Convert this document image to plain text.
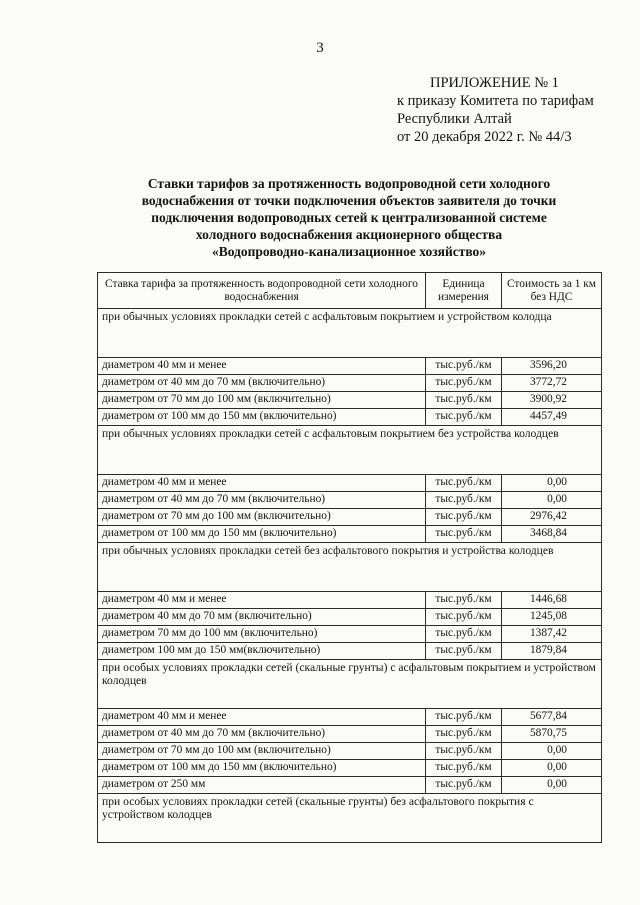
3
ПРИЛОЖЕНИЕ № 1
к приказу Комитета по тарифам
Республики Алтай
от 20 декабря 2022 г. № 44/3
Ставки тарифов за протяженность водопроводной сети холодного
водоснабжения от точки подключения объектов заявителя до точки
подключения водопроводных сетей к централизованной системе
холодного водоснабжения акционерного общества
«Водопроводно-канализационное хозяйство»
Ставка тарифа за протяженность водопроводной сети холодного водоснабжения	Единица измерения	Стоимость за 1 км без НДС
при обычных условиях прокладки сетей с асфальтовым покрытием и устройством колодца		
диаметром 40 мм и менее	тыс.руб./км	3596,20
диаметром от 40 мм до 70 мм (включительно)	тыс.руб./км	3772,72
диаметром от 70 мм до 100 мм (включительно)	тыс.руб./км	3900,92
диаметром от 100 мм до 150 мм (включительно)	тыс.руб./км	4457,49
при обычных условиях прокладки сетей с асфальтовым покрытием без устройства колодцев		
диаметром 40 мм и менее	тыс.руб./км	0,00
диаметром от 40 мм до 70 мм (включительно)	тыс.руб./км	0,00
диаметром от 70 мм до 100 мм (включительно)	тыс.руб./км	2976,42
диаметром от 100 мм до 150 мм (включительно)	тыс.руб./км	3468,84
при обычных условиях прокладки сетей без асфальтового покрытия и устройства колодцев		
диаметром 40 мм и менее	тыс.руб./км	1446,68
диаметром 40 мм до 70 мм (включительно)	тыс.руб./км	1245,08
диаметром 70 мм до 100 мм (включительно)	тыс.руб./км	1387,42
диаметром 100 мм до 150 мм(включительно)	тыс.руб./км	1879,84
при особых условиях прокладки сетей (скальные грунты) с асфальтовым покрытием и устройством колодцев		
диаметром 40 мм и менее	тыс.руб./км	5677,84
диаметром от 40 мм до 70 мм (включительно)	тыс.руб./км	5870,75
диаметром от 70 мм до 100 мм (включительно)	тыс.руб./км	0,00
диаметром от 100 мм до 150 мм (включительно)	тыс.руб./км	0,00
диаметром от 250 мм	тыс.руб./км	0,00
при особых условиях прокладки сетей (скальные грунты) без асфальтового покрытия с устройством колодцев		
